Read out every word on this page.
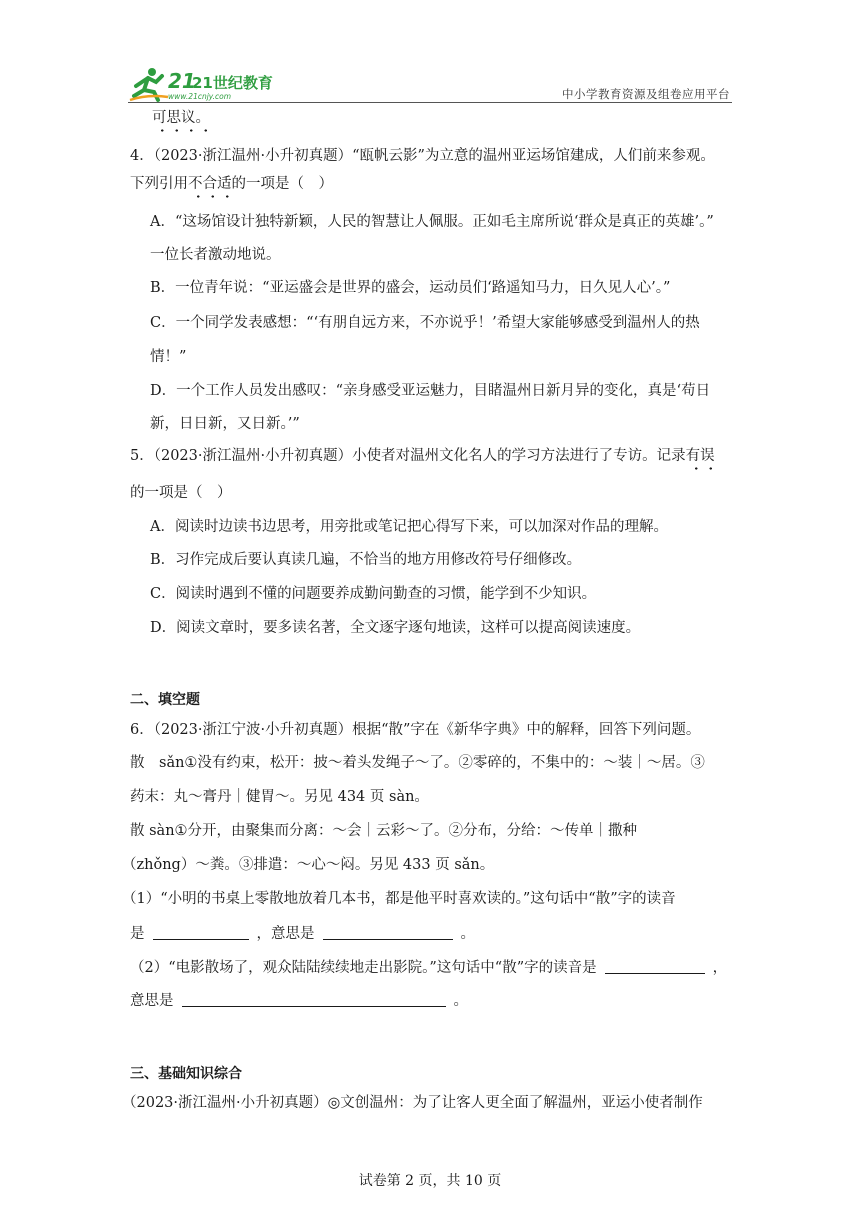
21
21世纪教育
www.21cnjy.com	中小学教育资源及组卷应用平台
可思议。
4．（2023·浙江温州·小升初真题）“瓯帆云影”为立意的温州亚运场馆建成，人们前来参观。
下列引用不合适的一项是（　）
A．“这场馆设计独特新颖，人民的智慧让人佩服。正如毛主席所说‘群众是真正的英雄’。”
一位长者激动地说。
B．一位青年说：“亚运盛会是世界的盛会，运动员们‘路遥知马力，日久见人心’。”
C．一个同学发表感想：“‘有朋自远方来，不亦说乎！’希望大家能够感受到温州人的热
情！”
D．一个工作人员发出感叹：“亲身感受亚运魅力，目睹温州日新月异的变化，真是‘苟日
新，日日新，又日新。’”
5．（2023·浙江温州·小升初真题）小使者对温州文化名人的学习方法进行了专访。记录有误
的一项是（　）
A．阅读时边读书边思考，用旁批或笔记把心得写下来，可以加深对作品的理解。
B．习作完成后要认真读几遍，不恰当的地方用修改符号仔细修改。
C．阅读时遇到不懂的问题要养成勤问勤查的习惯，能学到不少知识。
D．阅读文章时，要多读名著，全文逐字逐句地读，这样可以提高阅读速度。
二、填空题
6．（2023·浙江宁波·小升初真题）根据“散”字在《新华字典》中的解释，回答下列问题。
散　sǎn①没有约束，松开：披～着头发绳子～了。②零碎的，不集中的：～装｜～居。③
药末：丸～膏丹｜健胃～。另见 434 页 sàn。
散 sàn①分开，由聚集而分离：～会｜云彩～了。②分布，分给：～传单｜撒种
（zhǒng）～粪。③排遣：～心～闷。另见 433 页 sǎn。
（1）“小明的书桌上零散地放着几本书，都是他平时喜欢读的。”这句话中“散”字的读音
是	，意思是	。
（2）“电影散场了，观众陆陆续续地走出影院。”这句话中“散”字的读音是	，
意思是	。
三、基础知识综合
（2023·浙江温州·小升初真题）◎文创温州：为了让客人更全面了解温州，亚运小使者制作
试卷第 2 页，共 10 页
